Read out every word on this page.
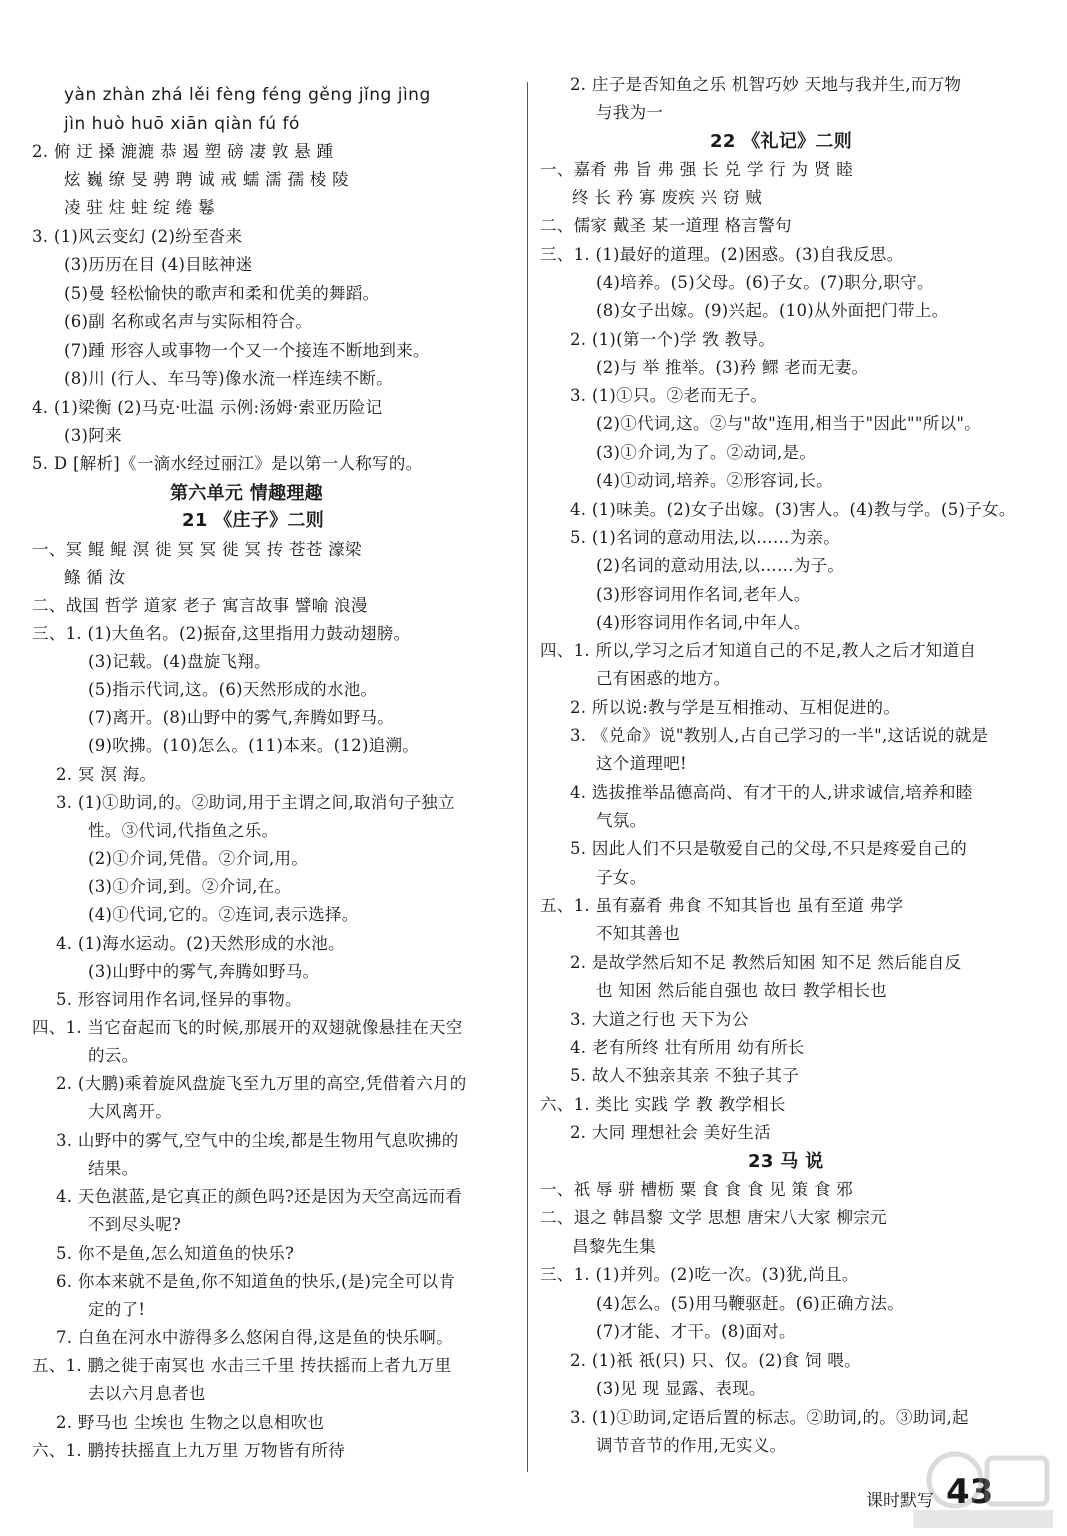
yàn zhàn zhá lěi fèng féng gěng jǐng jìng
jìn huò huō xiān qiàn fú fó
2. 俯 迂 搡 漉漉 恭 遏 塑 磅 凄 敦 悬 踵
炫 巍 缭 旻 骋 聘 诚 戒 蠕 濡 孺 棱 陵
凌 驻 炷 蛀 绽 绻 鬈
3. (1)风云变幻 (2)纷至沓来
(3)历历在目 (4)目眩神迷
(5)曼 轻松愉快的歌声和柔和优美的舞蹈。
(6)副 名称或名声与实际相符合。
(7)踵 形容人或事物一个又一个接连不断地到来。
(8)川 (行人、车马等)像水流一样连续不断。
4. (1)梁衡 (2)马克·吐温 示例:汤姆·索亚历险记
(3)阿来
5. D [解析]《一滴水经过丽江》是以第一人称写的。
第六单元 情趣理趣
21 《庄子》二则
一、冥 鲲 鲲 溟 徙 冥 冥 徙 冥 抟 苍苍 濠梁
鲦 循 汝
二、战国 哲学 道家 老子 寓言故事 譬喻 浪漫
三、1. (1)大鱼名。(2)振奋,这里指用力鼓动翅膀。
(3)记载。(4)盘旋飞翔。
(5)指示代词,这。(6)天然形成的水池。
(7)离开。(8)山野中的雾气,奔腾如野马。
(9)吹拂。(10)怎么。(11)本来。(12)追溯。
2. 冥 溟 海。
3. (1)①助词,的。②助词,用于主谓之间,取消句子独立
性。③代词,代指鱼之乐。
(2)①介词,凭借。②介词,用。
(3)①介词,到。②介词,在。
(4)①代词,它的。②连词,表示选择。
4. (1)海水运动。(2)天然形成的水池。
(3)山野中的雾气,奔腾如野马。
5. 形容词用作名词,怪异的事物。
四、1. 当它奋起而飞的时候,那展开的双翅就像悬挂在天空
的云。
2. (大鹏)乘着旋风盘旋飞至九万里的高空,凭借着六月的
大风离开。
3. 山野中的雾气,空气中的尘埃,都是生物用气息吹拂的
结果。
4. 天色湛蓝,是它真正的颜色吗?还是因为天空高远而看
不到尽头呢?
5. 你不是鱼,怎么知道鱼的快乐?
6. 你本来就不是鱼,你不知道鱼的快乐,(是)完全可以肯
定的了!
7. 白鱼在河水中游得多么悠闲自得,这是鱼的快乐啊。
五、1. 鹏之徙于南冥也 水击三千里 抟扶摇而上者九万里
去以六月息者也
2. 野马也 尘埃也 生物之以息相吹也
六、1. 鹏抟扶摇直上九万里 万物皆有所待
2. 庄子是否知鱼之乐 机智巧妙 天地与我并生,而万物
与我为一
22 《礼记》二则
一、嘉肴 弗 旨 弗 强 长 兑 学 行 为 贤 睦
终 长 矜 寡 废疾 兴 窃 贼
二、儒家 戴圣 某一道理 格言警句
三、1. (1)最好的道理。(2)困惑。(3)自我反思。
(4)培养。(5)父母。(6)子女。(7)职分,职守。
(8)女子出嫁。(9)兴起。(10)从外面把门带上。
2. (1)(第一个)学 敩 教导。
(2)与 举 推举。(3)矜 鳏 老而无妻。
3. (1)①只。②老而无子。
(2)①代词,这。②与"故"连用,相当于"因此""所以"。
(3)①介词,为了。②动词,是。
(4)①动词,培养。②形容词,长。
4. (1)味美。(2)女子出嫁。(3)害人。(4)教与学。(5)子女。
5. (1)名词的意动用法,以……为亲。
(2)名词的意动用法,以……为子。
(3)形容词用作名词,老年人。
(4)形容词用作名词,中年人。
四、1. 所以,学习之后才知道自己的不足,教人之后才知道自
己有困惑的地方。
2. 所以说:教与学是互相推动、互相促进的。
3. 《兑命》说"教别人,占自己学习的一半",这话说的就是
这个道理吧!
4. 选拔推举品德高尚、有才干的人,讲求诚信,培养和睦
气氛。
5. 因此人们不只是敬爱自己的父母,不只是疼爱自己的
子女。
五、1. 虽有嘉肴 弗食 不知其旨也 虽有至道 弗学
不知其善也
2. 是故学然后知不足 教然后知困 知不足 然后能自反
也 知困 然后能自强也 故曰 教学相长也
3. 大道之行也 天下为公
4. 老有所终 壮有所用 幼有所长
5. 故人不独亲其亲 不独子其子
六、1. 类比 实践 学 教 教学相长
2. 大同 理想社会 美好生活
23 马 说
一、祇 辱 骈 槽枥 粟 食 食 食 见 策 食 邪
二、退之 韩昌黎 文学 思想 唐宋八大家 柳宗元
昌黎先生集
三、1. (1)并列。(2)吃一次。(3)犹,尚且。
(4)怎么。(5)用马鞭驱赶。(6)正确方法。
(7)才能、才干。(8)面对。
2. (1)祇 祇(只) 只、仅。(2)食 饲 喂。
(3)见 现 显露、表现。
3. (1)①助词,定语后置的标志。②助词,的。③助词,起
调节音节的作用,无实义。
课时默写 43
